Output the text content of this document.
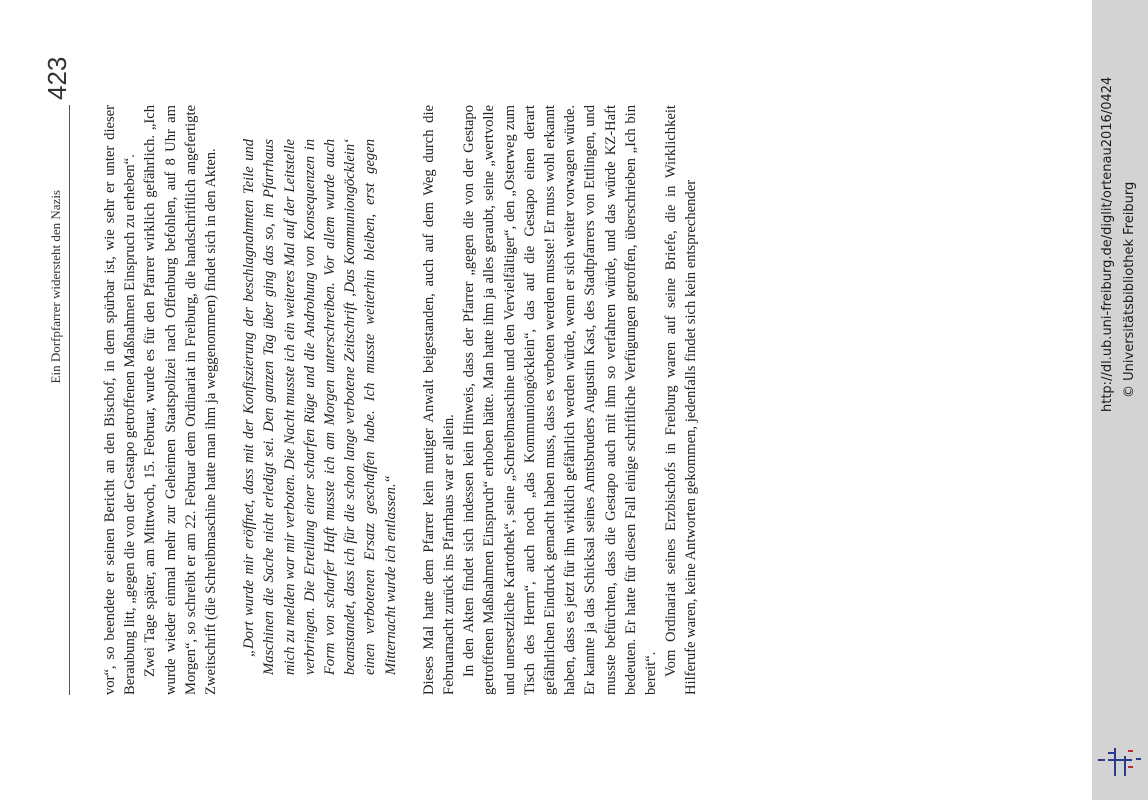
Ein Dorfpfarrer widersteht den Nazis
423

vor“, so beendete er seinen Bericht an den Bischof, in dem spürbar ist, wie sehr er unter dieser Beraubung litt, „gegen die von der Gestapo getroffenen Maßnahmen Einspruch zu erheben“. Zwei Tage später, am Mittwoch, 15. Februar, wurde es für den Pfarrer wirklich gefährlich. „Ich wurde wieder einmal mehr zur Geheimen Staatspolizei nach Offenburg befohlen, auf 8 Uhr am Morgen“, so schreibt er am 22. Februar dem Ordinariat in Freiburg, die handschriftlich angefertigte Zweitschrift (die Schreibmaschine hatte man ihm ja weggenommen) findet sich in den Akten. „Dort wurde mir eröffnet, dass mit der Konfiszierung der beschlagnahmten Teile und Maschinen die Sache nicht erledigt sei. Den ganzen Tag über ging das so, im Pfarrhaus mich zu melden war mir verboten. Die Nacht musste ich ein weiteres Mal auf der Leitstelle verbringen. Die Erteilung einer scharfen Rüge und die Androhung von Konsequenzen in Form von scharfer Haft musste ich am Morgen unterschreiben. Vor allem wurde auch beanstandet, dass ich für die schon lange verbotene Zeitschrift ‚Das Kommuniongöcklein‘ einen verbotenen Ersatz geschaffen habe. Ich musste weiterhin bleiben, erst gegen Mitternacht wurde ich entlassen.“ Dieses Mal hatte dem Pfarrer kein mutiger Anwalt beigestanden, auch auf dem Weg durch die Februarnacht zurück ins Pfarrhaus war er allein. In den Akten findet sich indessen kein Hinweis, dass der Pfarrer „gegen die von der Gestapo getroffenen Maßnahmen Einspruch“ erhoben hätte. Man hatte ihm ja alles geraubt, seine „wertvolle und unersetzliche Kartothek“, seine „Schreibmaschine und den Vervielfältiger“, den „Osterweg zum Tisch des Herrn“, auch noch „das Kommuniongöcklein“, das auf die Gestapo einen derart gefährlichen Eindruck gemacht haben muss, dass es verboten werden musste! Er muss wohl erkannt haben, dass es jetzt für ihn wirklich gefährlich werden würde, wenn er sich weiter vorwagen würde. Er kannte ja das Schicksal seines Amtsbruders Augustin Kast, des Stadtpfarrers von Ettlingen, und musste befürchten, dass die Gestapo auch mit ihm so verfahren würde, und das würde KZ-Haft bedeuten. Er hatte für diesen Fall einige schriftliche Verfügungen getroffen, überschrieben „Ich bin bereit“. Vom Ordinariat seines Erzbischofs in Freiburg waren auf seine Briefe, die in Wirklichkeit Hilferufe waren, keine Antworten gekommen, jedenfalls findet sich kein entsprechender	http://dl.ub.uni-freiburg.de/diglit/ortenau2016/0424 © Universitätsbibliothek Freiburg
